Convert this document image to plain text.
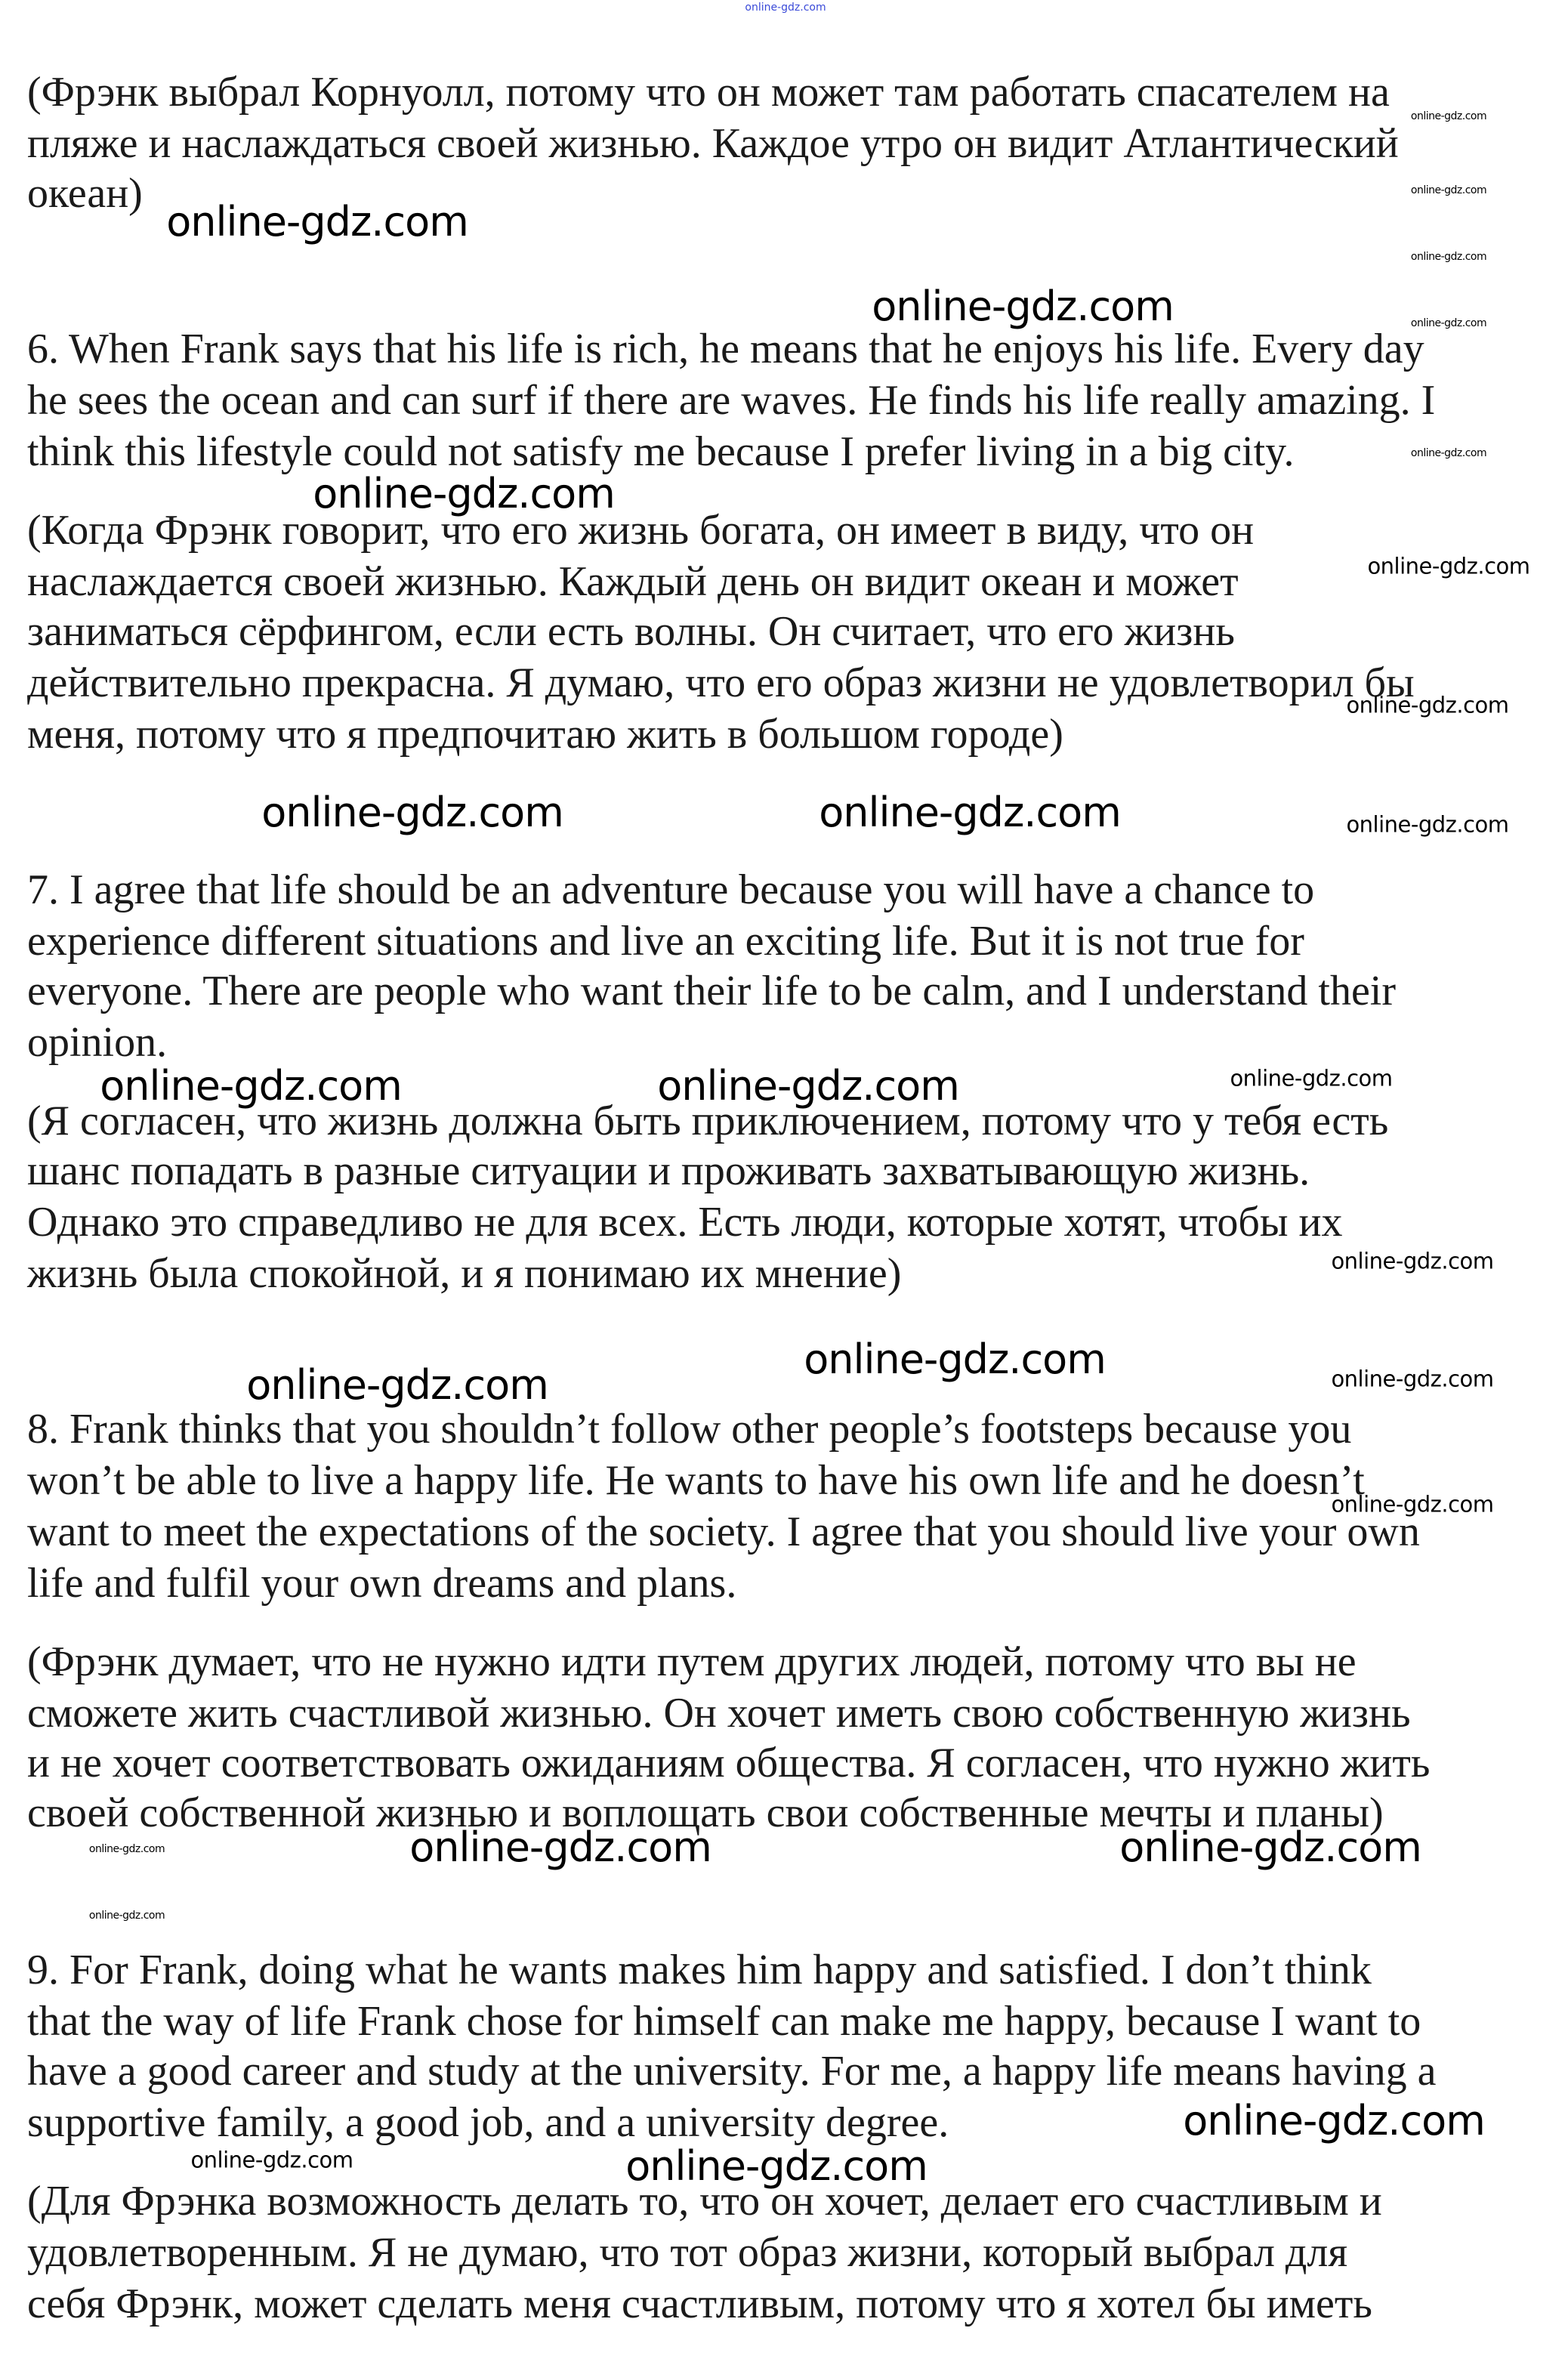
(Фрэнк выбрал Корнуолл, потому что он может там работать спасателем на
пляже и наслаждаться своей жизнью. Каждое утро он видит Атлантический
океан)
6. When Frank says that his life is rich, he means that he enjoys his life. Every day
he sees the ocean and can surf if there are waves. He finds his life really amazing. I
think this lifestyle could not satisfy me because I prefer living in a big city.
(Когда Фрэнк говорит, что его жизнь богата, он имеет в виду, что он
наслаждается своей жизнью. Каждый день он видит океан и может
заниматься сёрфингом, если есть волны. Он считает, что его жизнь
действительно прекрасна. Я думаю, что его образ жизни не удовлетворил бы
меня, потому что я предпочитаю жить в большом городе)
7. I agree that life should be an adventure because you will have a chance to
experience different situations and live an exciting life. But it is not true for
everyone. There are people who want their life to be calm, and I understand their
opinion.
(Я согласен, что жизнь должна быть приключением, потому что у тебя есть
шанс попадать в разные ситуации и проживать захватывающую жизнь.
Однако это справедливо не для всех. Есть люди, которые хотят, чтобы их
жизнь была спокойной, и я понимаю их мнение)
8. Frank thinks that you shouldn’t follow other people’s footsteps because you
won’t be able to live a happy life. He wants to have his own life and he doesn’t
want to meet the expectations of the society. I agree that you should live your own
life and fulfil your own dreams and plans.
(Фрэнк думает, что не нужно идти путем других людей, потому что вы не
сможете жить счастливой жизнью. Он хочет иметь свою собственную жизнь
и не хочет соответствовать ожиданиям общества. Я согласен, что нужно жить
своей собственной жизнью и воплощать свои собственные мечты и планы)
9. For Frank, doing what he wants makes him happy and satisfied. I don’t think
that the way of life Frank chose for himself can make me happy, because I want to
have a good career and study at the university. For me, a happy life means having a
supportive family, a good job, and a university degree.
(Для Фрэнка возможность делать то, что он хочет, делает его счастливым и
удовлетворенным. Я не думаю, что тот образ жизни, который выбрал для
себя Фрэнк, может сделать меня счастливым, потому что я хотел бы иметь
online-gdz.com
online-gdz.com
online-gdz.com
online-gdz.com
online-gdz.com	online-gdz.com
online-gdz.com	online-gdz.com
online-gdz.com
online-gdz.com
online-gdz.com	online-gdz.com
online-gdz.com
online-gdz.com
online-gdz.com
online-gdz.com
online-gdz.com
online-gdz.com
online-gdz.com
online-gdz.com
online-gdz.com
online-gdz.com
online-gdz.com
online-gdz.com
online-gdz.com
online-gdz.com
online-gdz.com
online-gdz.com
online-gdz.com
